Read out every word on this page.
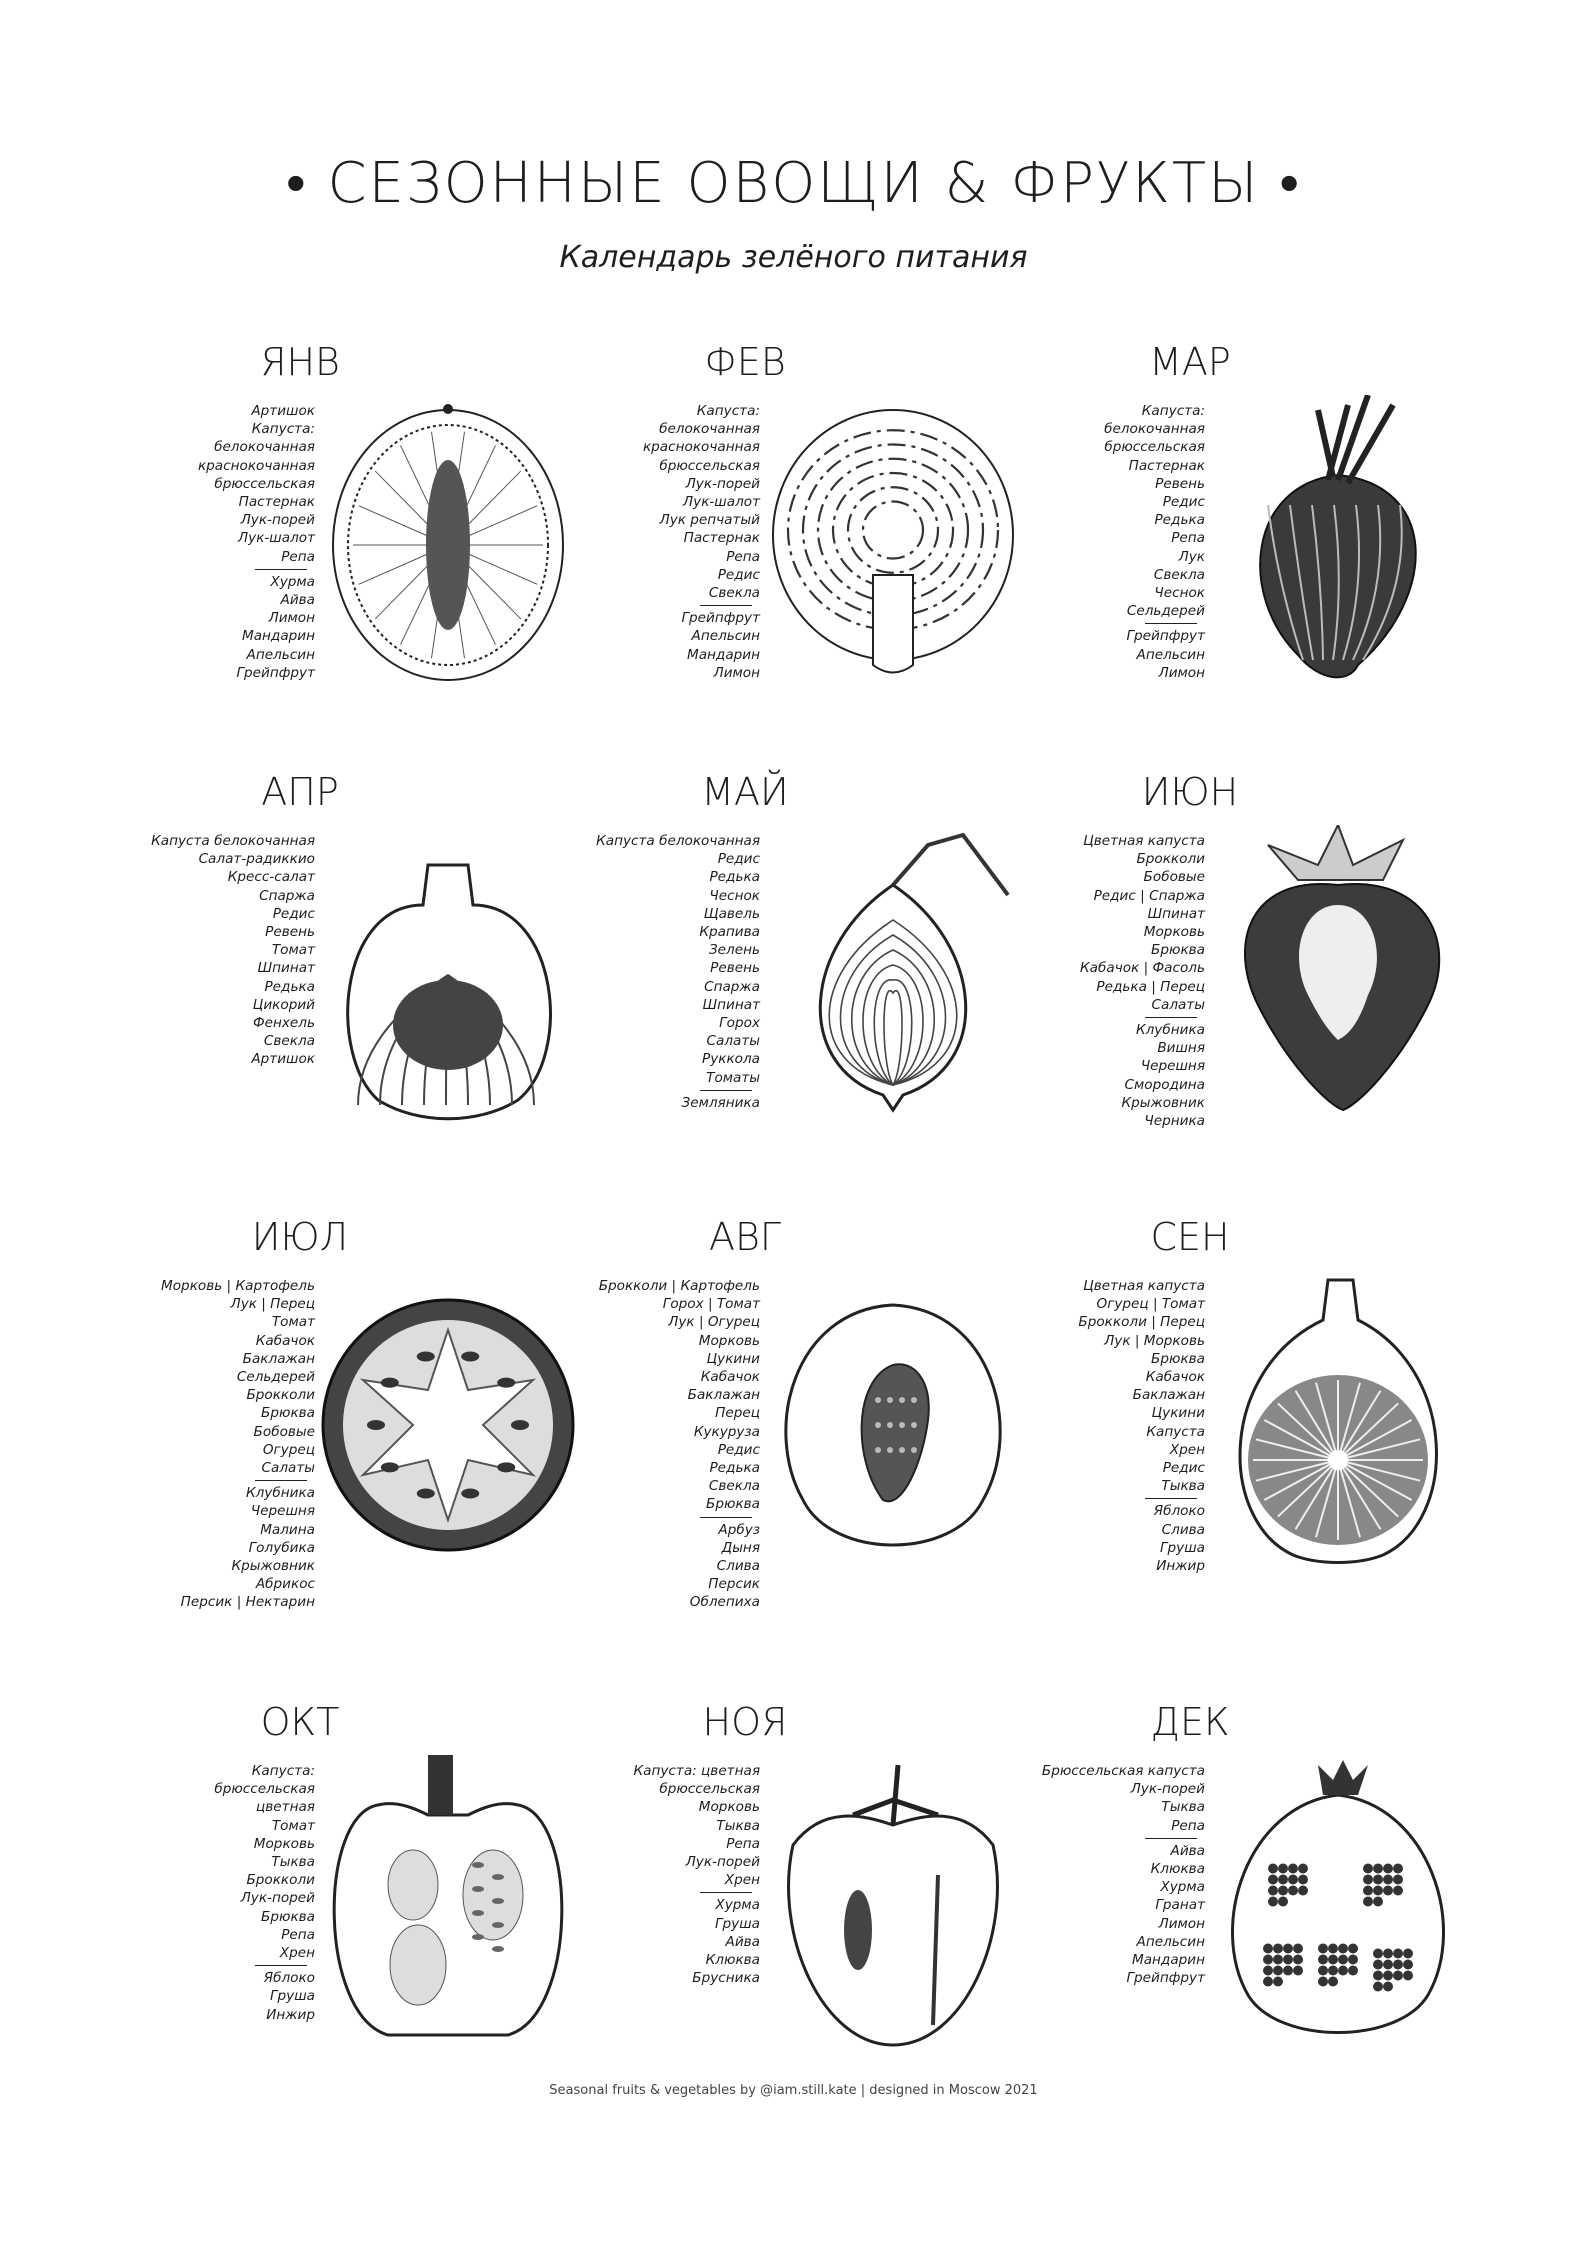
• СЕЗОННЫЕ ОВОЩИ & ФРУКТЫ •
Календарь зелёного питания
ЯНВ
Артишок
Капуста:
белокочанная
краснокочанная
брюссельская
Пастернак
Лук-порей
Лук-шалот
Репа
Хурма
Айва
Лимон
Мандарин
Апельсин
Грейпфрут
ФЕВ
Капуста:
белокочанная
краснокочанная
брюссельская
Лук-порей
Лук-шалот
Лук репчатый
Пастернак
Репа
Редис
Свекла
Грейпфрут
Апельсин
Мандарин
Лимон
МАР
Капуста:
белокочанная
брюссельская
Пастернак
Ревень
Редис
Редька
Репа
Лук
Свекла
Чеснок
Сельдерей
Грейпфрут
Апельсин
Лимон
АПР
Капуста белокочанная
Салат-радиккио
Кресс-салат
Спаржа
Редис
Ревень
Томат
Шпинат
Редька
Цикорий
Фенхель
Свекла
Артишок
МАЙ
Капуста белокочанная
Редис
Редька
Чеснок
Щавель
Крапива
Зелень
Ревень
Спаржа
Шпинат
Горох
Салаты
Руккола
Томаты
Земляника
ИЮН
Цветная капуста
Брокколи
Бобовые
Редис | Спаржа
Шпинат
Морковь
Брюква
Кабачок | Фасоль
Редька | Перец
Салаты
Клубника
Вишня
Черешня
Смородина
Крыжовник
Черника
ИЮЛ
Морковь | Картофель
Лук | Перец
Томат
Кабачок
Баклажан
Сельдерей
Брокколи
Брюква
Бобовые
Огурец
Салаты
Клубника
Черешня
Малина
Голубика
Крыжовник
Абрикос
Персик | Нектарин
АВГ
Брокколи | Картофель
Горох | Томат
Лук | Огурец
Морковь
Цукини
Кабачок
Баклажан
Перец
Кукуруза
Редис
Редька
Свекла
Брюква
Арбуз
Дыня
Слива
Персик
Облепиха
СЕН
Цветная капуста
Огурец | Томат
Брокколи | Перец
Лук | Морковь
Брюква
Кабачок
Баклажан
Цукини
Капуста
Хрен
Редис
Тыква
Яблоко
Слива
Груша
Инжир
ОКТ
Капуста:
брюссельская
цветная
Томат
Морковь
Тыква
Брокколи
Лук-порей
Брюква
Репа
Хрен
Яблоко
Груша
Инжир
НОЯ
Капуста: цветная
брюссельская
Морковь
Тыква
Репа
Лук-порей
Хрен
Хурма
Груша
Айва
Клюква
Брусника
ДЕК
Брюссельская капуста
Лук-порей
Тыква
Репа
Айва
Клюква
Хурма
Гранат
Лимон
Апельсин
Мандарин
Грейпфрут
Seasonal fruits & vegetables by @iam.still.kate | designed in Moscow 2021
